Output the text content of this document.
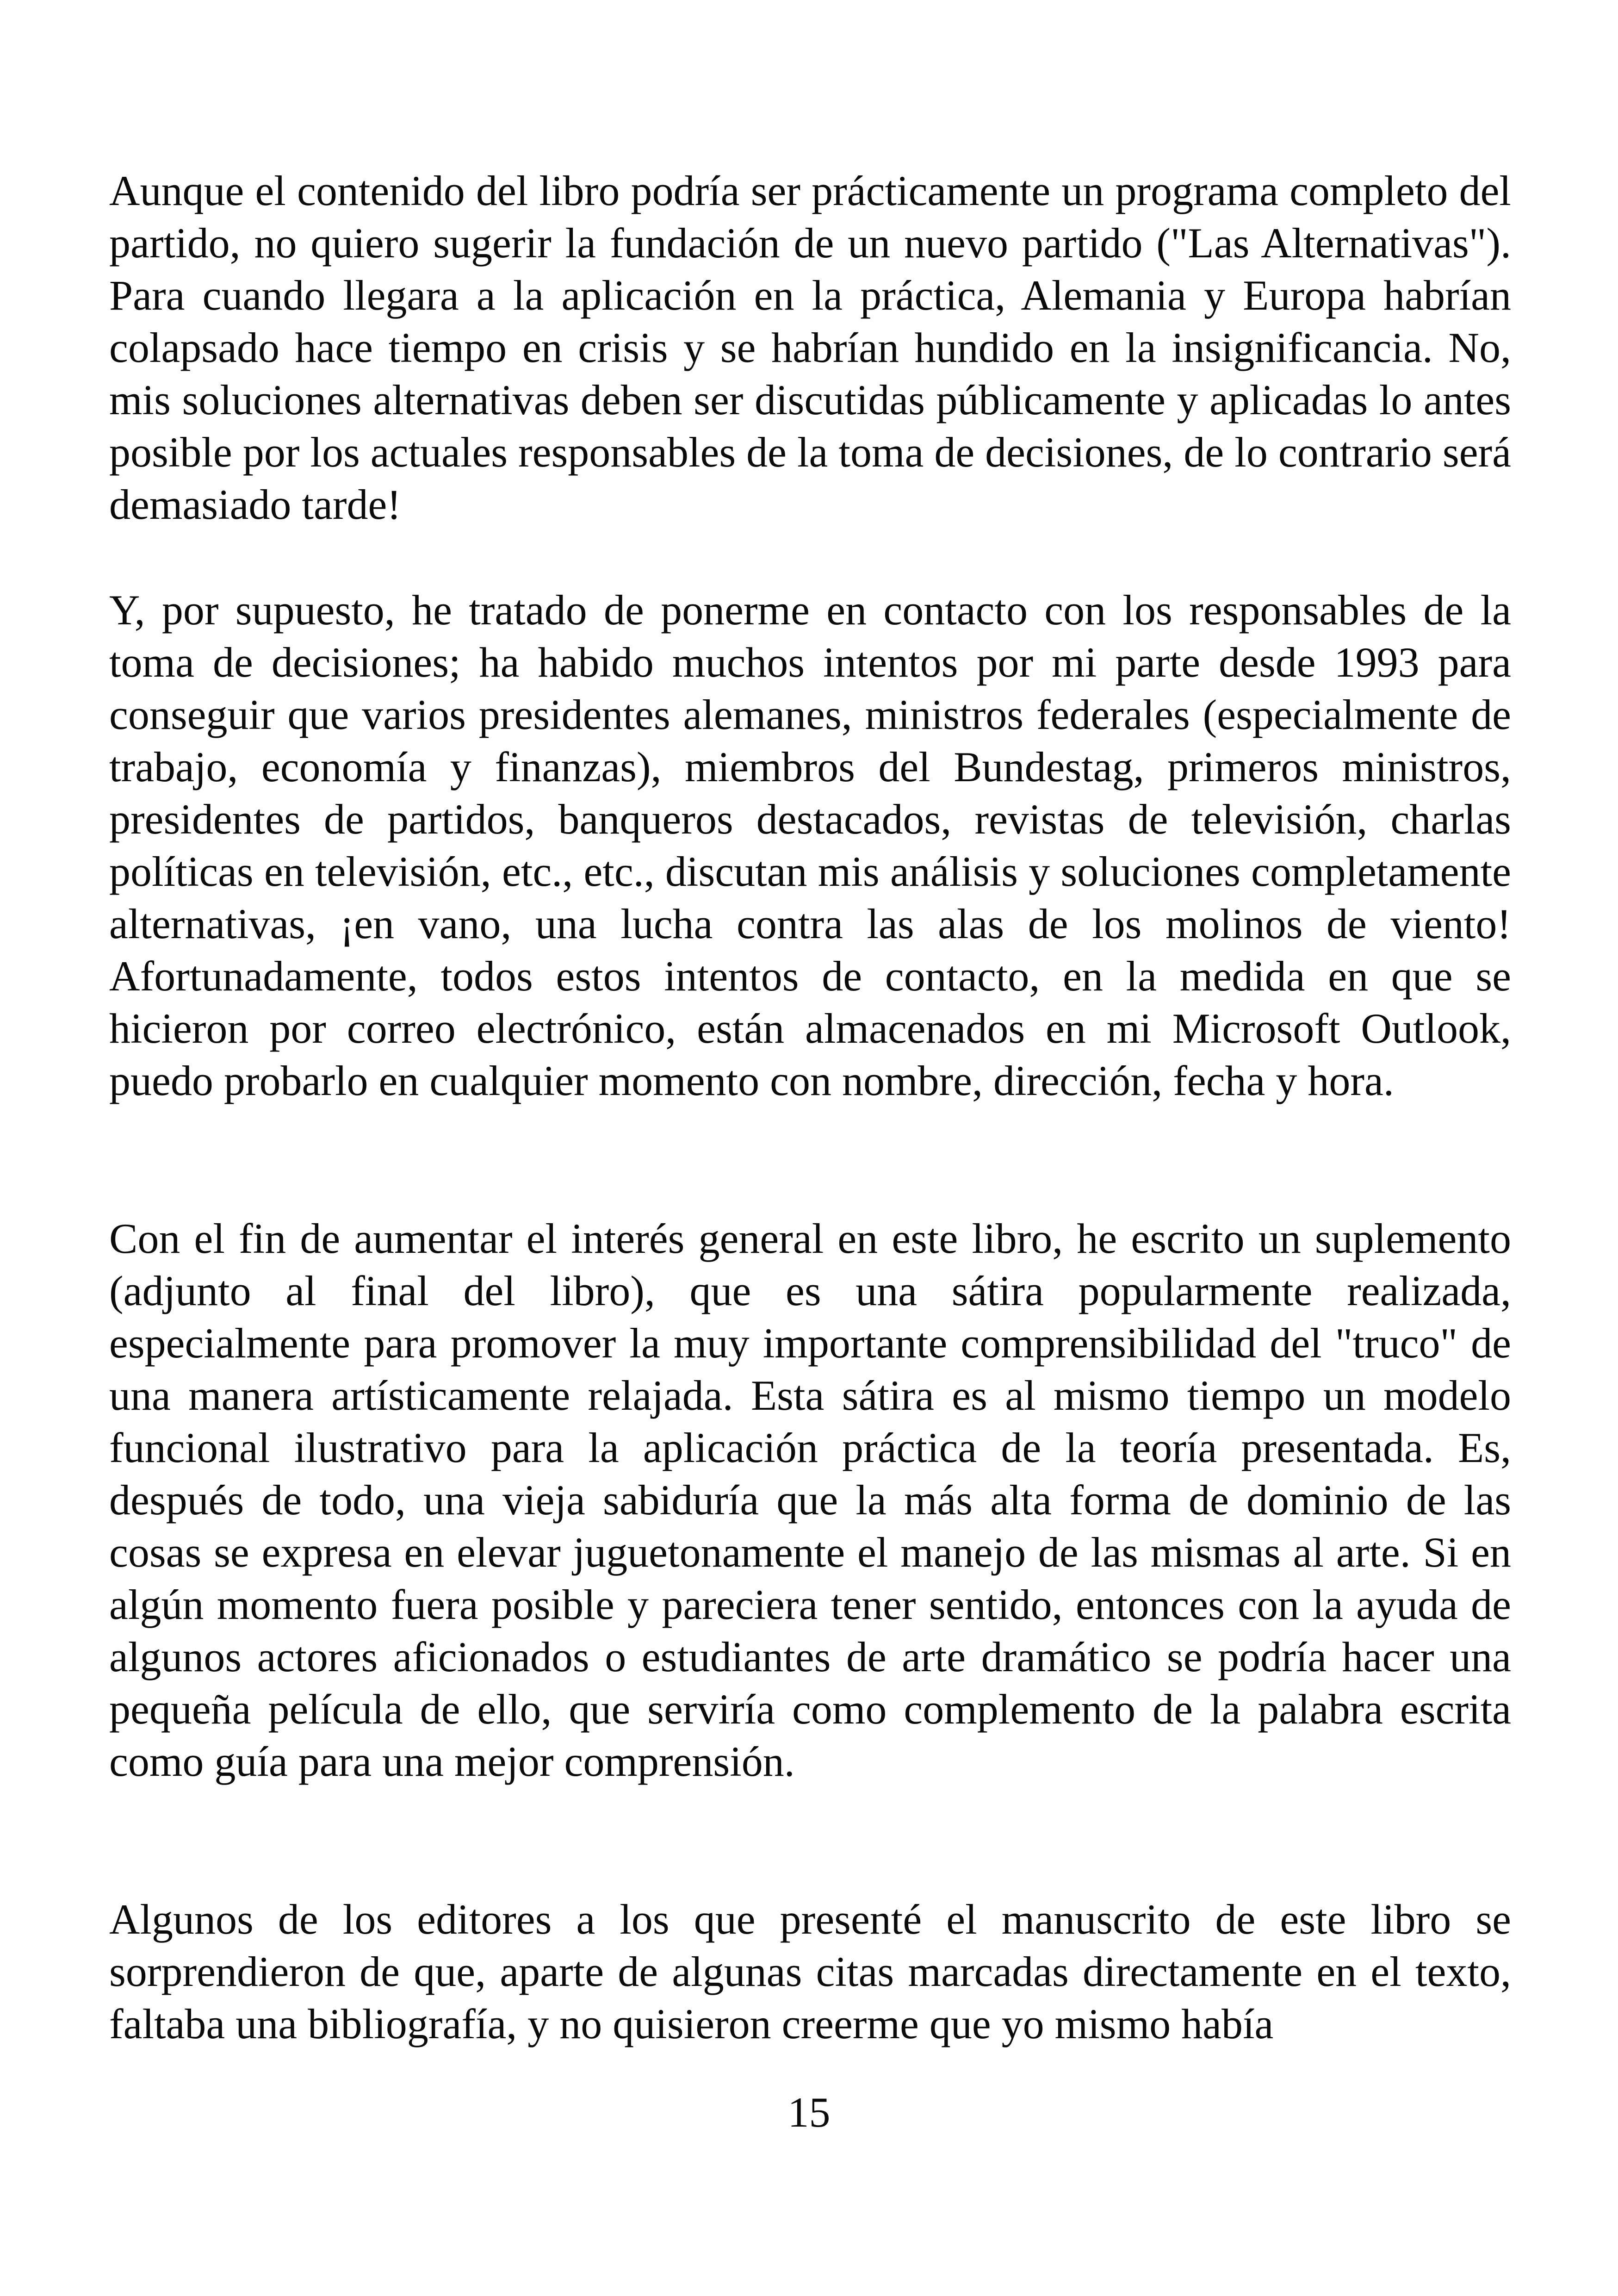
Aunque el contenido del libro podría ser prácticamente un programa completo del partido, no quiero sugerir la fundación de un nuevo partido ("Las Alternativas"). Para cuando llegara a la aplicación en la práctica, Alemania y Europa habrían colapsado hace tiempo en crisis y se habrían hundido en la insignificancia. No, mis soluciones alternativas deben ser discutidas públicamente y aplicadas lo antes posible por los actuales responsables de la toma de decisiones, de lo contrario será demasiado tarde!

Y, por supuesto, he tratado de ponerme en contacto con los responsables de la toma de decisiones; ha habido muchos intentos por mi parte desde 1993 para conseguir que varios presidentes alemanes, ministros federales (especialmente de trabajo, economía y finanzas), miembros del Bundestag, primeros ministros, presidentes de partidos, banqueros destacados, revistas de televisión, charlas políticas en televisión, etc., etc., discutan mis análisis y soluciones completamente alternativas, ¡en vano, una lucha contra las alas de los molinos de viento! Afortunadamente, todos estos intentos de contacto, en la medida en que se hicieron por correo electrónico, están almacenados en mi Microsoft Outlook, puedo probarlo en cualquier momento con nombre, dirección, fecha y hora.

Con el fin de aumentar el interés general en este libro, he escrito un suplemento (adjunto al final del libro), que es una sátira popularmente realizada, especialmente para promover la muy importante comprensibilidad del "truco" de una manera artísticamente relajada. Esta sátira es al mismo tiempo un modelo funcional ilustrativo para la aplicación práctica de la teoría presentada. Es, después de todo, una vieja sabiduría que la más alta forma de dominio de las cosas se expresa en elevar juguetonamente el manejo de las mismas al arte. Si en algún momento fuera posible y pareciera tener sentido, entonces con la ayuda de algunos actores aficionados o estudiantes de arte dramático se podría hacer una pequeña película de ello, que serviría como complemento de la palabra escrita como guía para una mejor comprensión.

Algunos de los editores a los que presenté el manuscrito de este libro se sorprendieron de que, aparte de algunas citas marcadas directamente en el texto, faltaba una bibliografía, y no quisieron creerme que yo mismo había

15
